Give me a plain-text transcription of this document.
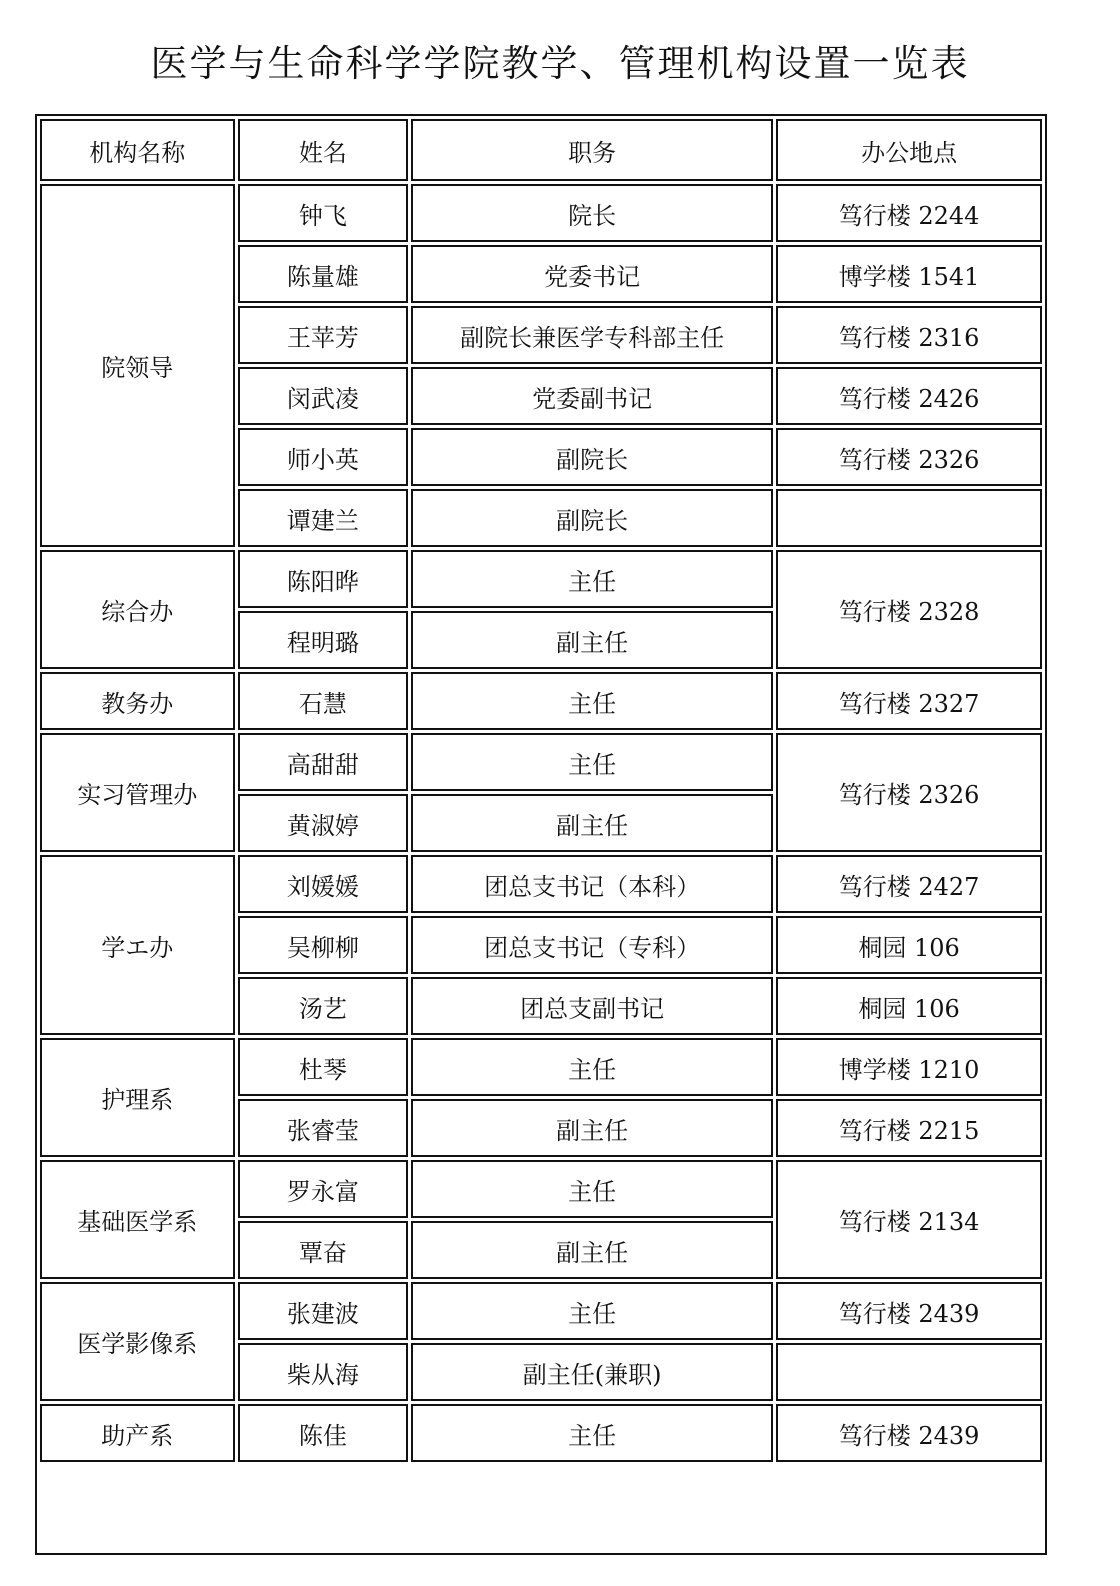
医学与生命科学学院教学、管理机构设置一览表
机构名称	姓名	职务	办公地点
院领导	钟飞	院长	笃行楼 2244
	陈量雄	党委书记	博学楼 1541
	王苹芳	副院长兼医学专科部主任	笃行楼 2316
	闵武凌	党委副书记	笃行楼 2426
	师小英	副院长	笃行楼 2326
	谭建兰	副院长	
综合办	陈阳晔	主任	笃行楼 2328
	程明璐	副主任	
教务办	石慧	主任	笃行楼 2327
实习管理办	高甜甜	主任	笃行楼 2326
	黄淑婷	副主任	
学エ办	刘媛媛	团总支书记（本科）	笃行楼 2427
	吴柳柳	团总支书记（专科）	桐园 106
	汤艺	团总支副书记	桐园 106
护理系	杜琴	主任	博学楼 1210
	张睿莹	副主任	笃行楼 2215
基础医学系	罗永富	主任	笃行楼 2134
	覃奋	副主任	
医学影像系	张建波	主任	笃行楼 2439
	柴从海	副主任(兼职)	
助产系	陈佳	主任	笃行楼 2439
